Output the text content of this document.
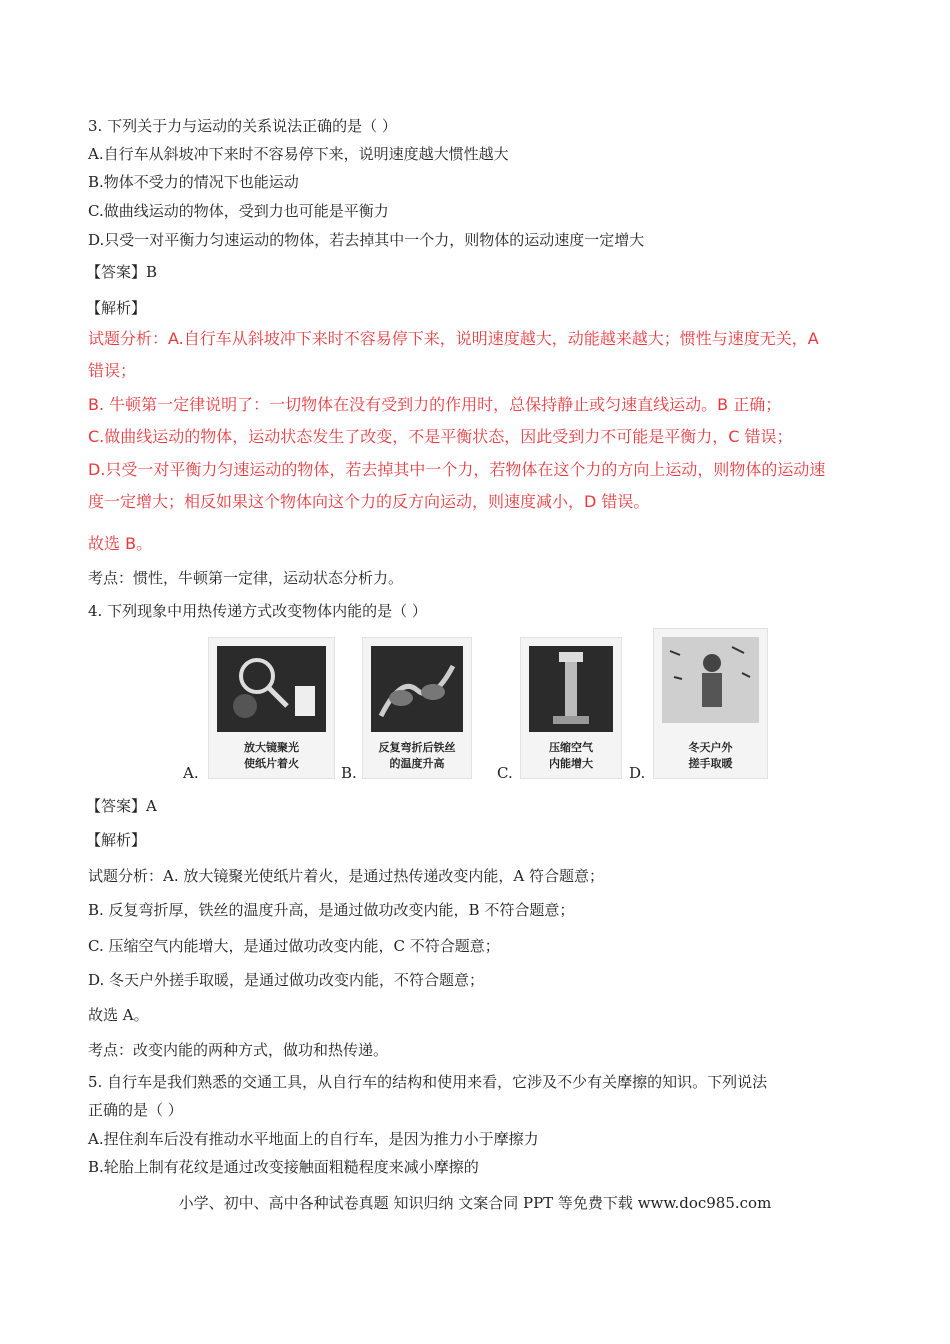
3. 下列关于力与运动的关系说法正确的是（ ）
A.自行车从斜坡冲下来时不容易停下来，说明速度越大惯性越大
B.物体不受力的情况下也能运动
C.做曲线运动的物体，受到力也可能是平衡力
D.只受一对平衡力匀速运动的物体，若去掉其中一个力，则物体的运动速度一定增大
【答案】B
【解析】
试题分析：A.自行车从斜坡冲下来时不容易停下来，说明速度越大，动能越来越大；惯性与速度无关，A
错误；
B. 牛顿第一定律说明了：一切物体在没有受到力的作用时，总保持静止或匀速直线运动。B 正确；
C.做曲线运动的物体，运动状态发生了改变，不是平衡状态，因此受到力不可能是平衡力，C 错误；
D.只受一对平衡力匀速运动的物体，若去掉其中一个力，若物体在这个力的方向上运动，则物体的运动速
度一定增大；相反如果这个物体向这个力的反方向运动，则速度减小，D 错误。
故选 B。
考点：惯性，牛顿第一定律，运动状态分析力。
4. 下列现象中用热传递方式改变物体内能的是（ ）
A.
放大镜聚光
使纸片着火
B.
反复弯折后铁丝
的温度升高
C.
压缩空气
内能增大
D.
冬天户外
搓手取暖
【答案】A
【解析】
试题分析：A. 放大镜聚光使纸片着火，是通过热传递改变内能，A 符合题意；
B. 反复弯折厚，铁丝的温度升高，是通过做功改变内能，B 不符合题意；
C. 压缩空气内能增大，是通过做功改变内能，C 不符合题意；
D. 冬天户外搓手取暖，是通过做功改变内能，不符合题意；
故选 A。
考点：改变内能的两种方式，做功和热传递。
5. 自行车是我们熟悉的交通工具，从自行车的结构和使用来看，它涉及不少有关摩擦的知识。下列说法
正确的是（ ）
A.捏住刹车后没有推动水平地面上的自行车，是因为推力小于摩擦力
B.轮胎上制有花纹是通过改变接触面粗糙程度来减小摩擦的
小学、初中、高中各种试卷真题 知识归纳 文案合同 PPT 等免费下载 www.doc985.com
